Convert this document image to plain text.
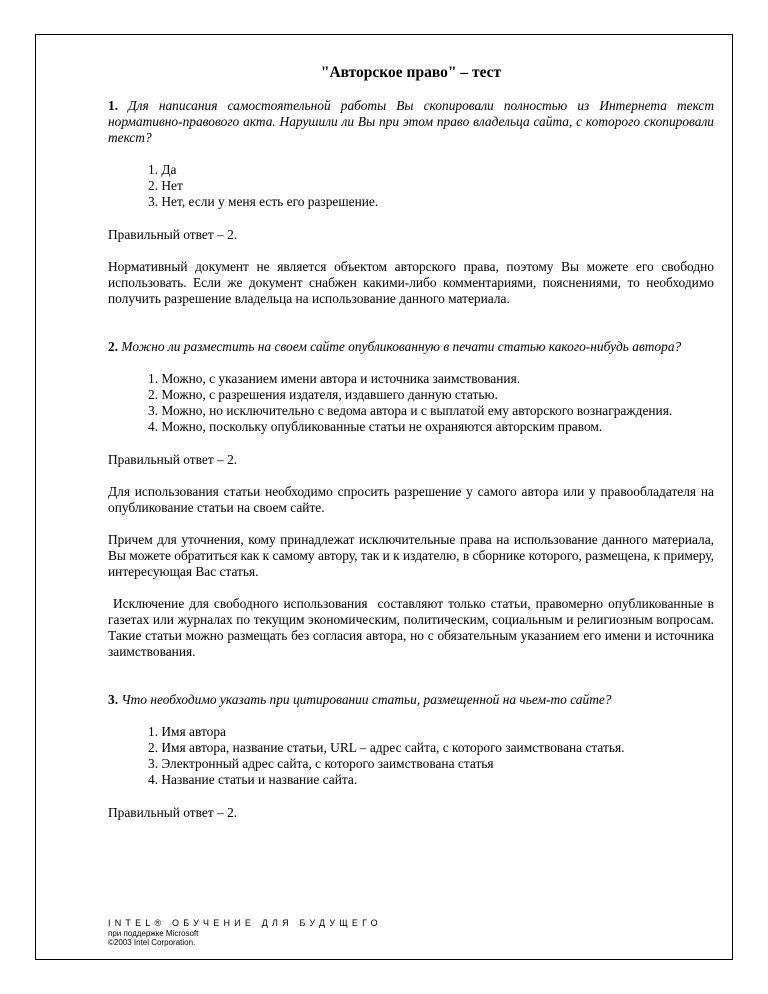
"Авторское право" – тест
1. Для написания самостоятельной работы Вы скопировали полностью из Интернета текст нормативно-правового акта. Нарушили ли Вы при этом право владельца сайта, с которого скопировали текст?
1. Да
2. Нет
3. Нет, если у меня есть его разрешение.
Правильный ответ – 2.
Нормативный документ не является объектом авторского права, поэтому Вы можете его свободно использовать. Если же документ снабжен какими-либо комментариями, пояснениями, то необходимо получить разрешение владельца на использование данного материала.
2. Можно ли разместить на своем сайте опубликованную в печати статью какого-нибудь автора?
1. Можно, с указанием имени автора и источника заимствования.
2. Можно, с разрешения издателя, издавшего данную статью.
3. Можно, но исключительно с ведома автора и с выплатой ему авторского вознаграждения.
4. Можно, поскольку опубликованные статьи не охраняются авторским правом.
Правильный ответ – 2.
Для использования статьи необходимо спросить разрешение у самого автора или у правообладателя на опубликование статьи на своем сайте.
Причем для уточнения, кому принадлежат исключительные права на использование данного материала, Вы можете обратиться как к самому автору, так и к издателю, в сборнике которого, размещена, к примеру, интересующая Вас статья.
Исключение для свободного использования  составляют только статьи, правомерно опубликованные в газетах или журналах по текущим экономическим, политическим, социальным и религиозным вопросам. Такие статьи можно размещать без согласия автора, но с обязательным указанием его имени и источника заимствования.
3. Что необходимо указать при цитировании статьи, размещенной на чьем-то сайте?
1. Имя автора
2. Имя автора, название статьи, URL – адрес сайта, с которого заимствована статья.
3. Электронный адрес сайта, с которого заимствована статья
4. Название статьи и название сайта.
Правильный ответ – 2.
INTEL® ОБУЧЕНИЕ ДЛЯ БУДУЩЕГО
при поддержке Microsoft
©2003 Intel Corporation.
